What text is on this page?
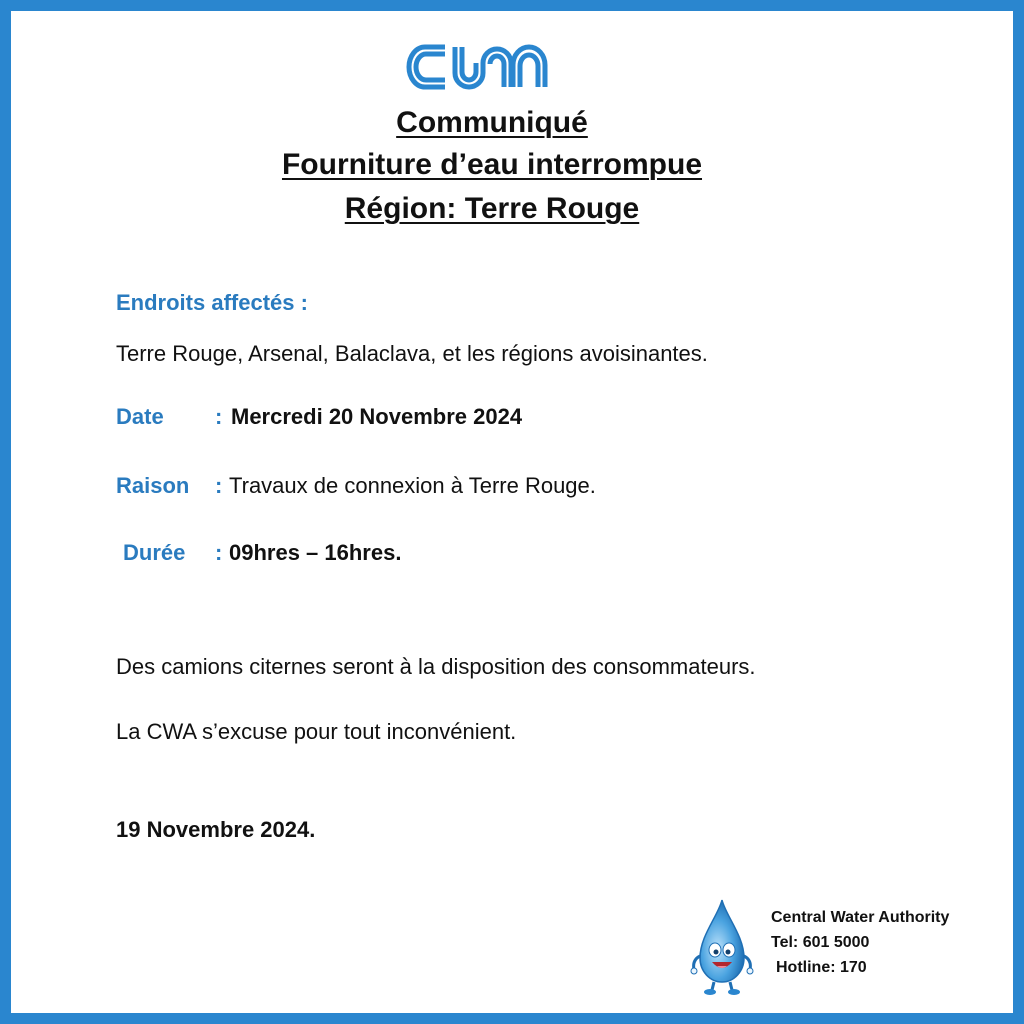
Communiqué
Fourniture d’eau interrompue
Région: Terre Rouge
Endroits affectés :
Terre Rouge, Arsenal, Balaclava, et les régions avoisinantes.
Date : Mercredi 20 Novembre 2024
Raison : Travaux de connexion à Terre Rouge.
Durée : 09hres – 16hres.
Des camions citernes seront à la disposition des consommateurs.
La CWA s’excuse pour tout inconvénient.
19 Novembre 2024.
Central Water Authority
Tel: 601 5000
Hotline: 170
